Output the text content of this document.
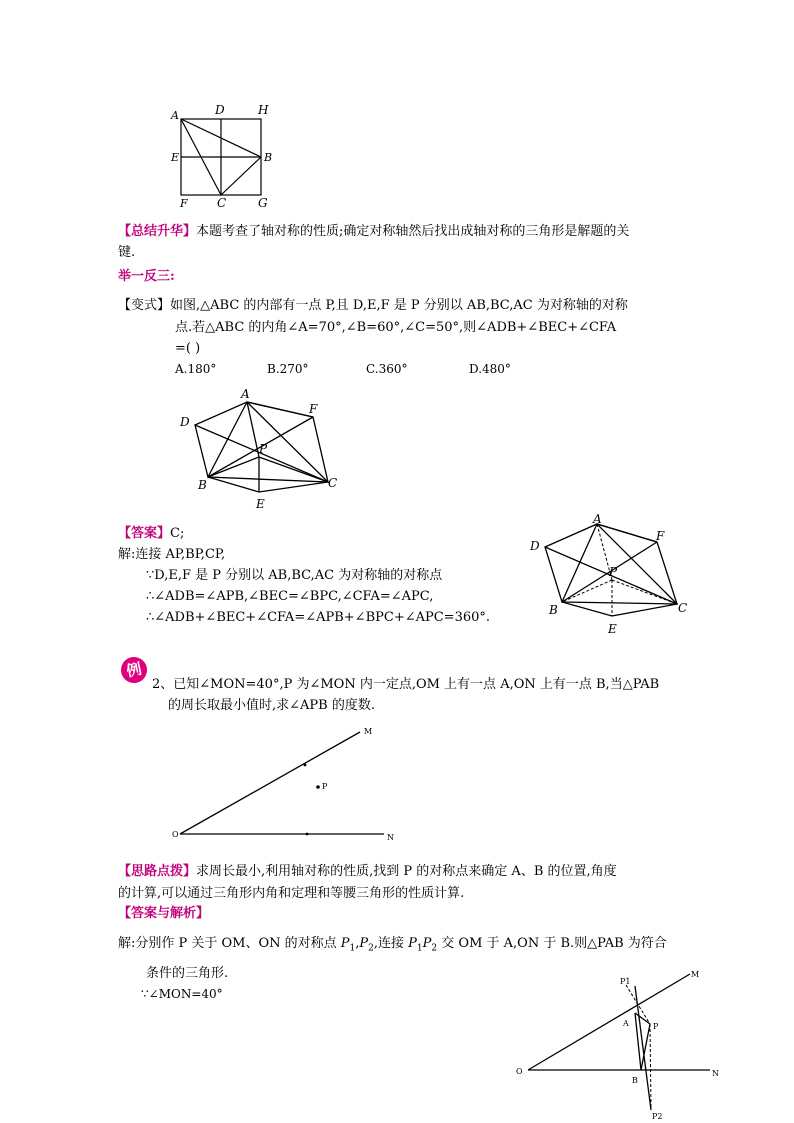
A	D	H
E	B
F C	G
【总结升华】本题考查了轴对称的性质;确定对称轴然后找出成轴对称的三角形是解题的关
键.
举一反三:
【变式】如图,△ABC 的内部有一点 P,且 D,E,F 是 P 分别以 AB,BC,AC 为对称轴的对称
点.若△ABC 的内角∠A=70°,∠B=60°,∠C=50°,则∠ADB+∠BEC+∠CFA
=( )
A.180°	B.270°	C.360°	D.480°
A
D
F
P
B	C
E
【答案】C;
解:连接 AP,BP,CP,
∵D,E,F 是 P 分别以 AB,BC,AC 为对称轴的对称点
∴∠ADB=∠APB,∠BEC=∠BPC,∠CFA=∠APC,
∴∠ADB+∠BEC+∠CFA=∠APB+∠BPC+∠APC=360°.
A
D
F
P
B	C
E
例
2、已知∠MON=40°,P 为∠MON 内一定点,OM 上有一点 A,ON 上有一点 B,当△PAB
的周长取最小值时,求∠APB 的度数.
O
M
N
P
【思路点拨】求周长最小,利用轴对称的性质,找到 P 的对称点来确定 A、B 的位置,角度
的计算,可以通过三角形内角和定理和等腰三角形的性质计算.
【答案与解析】
解:分别作 P 关于 OM、ON 的对称点 $P_1,P_2$,连接 $P_1P_2$ 交 OM 于 A,ON 于 B.则△PAB 为符合
条件的三角形.
∵∠MON=40°
O
M
N
P1
A	P
B
P2
